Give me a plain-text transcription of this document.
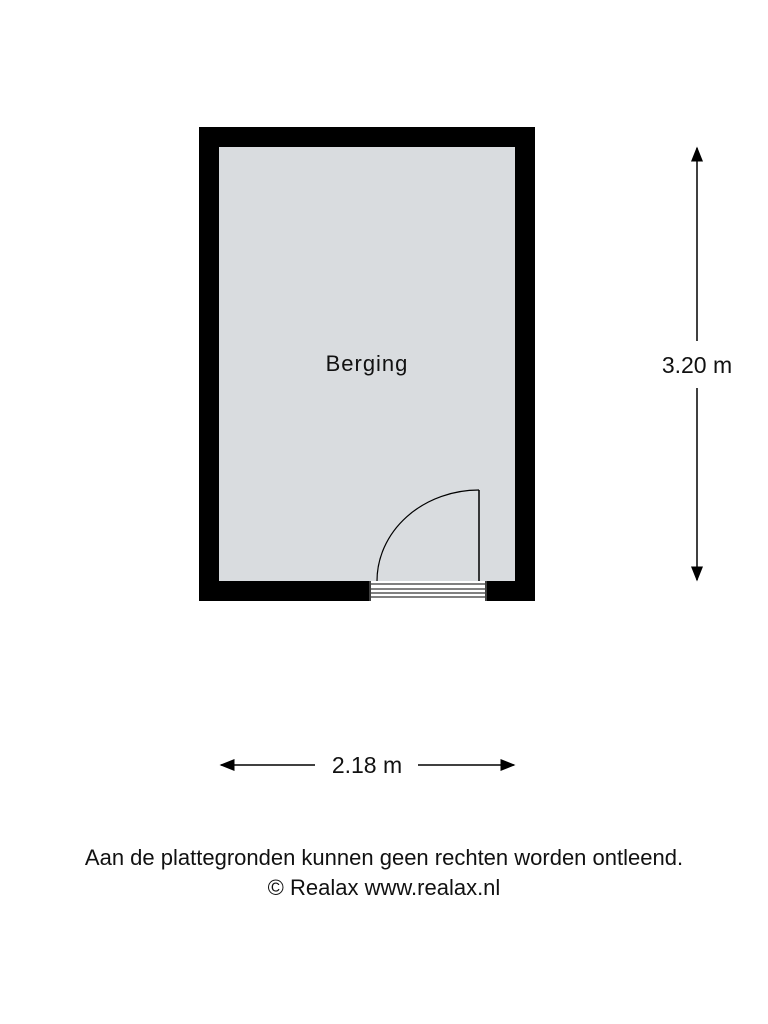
Berging	3.20 m
2.18 m
Aan de plattegronden kunnen geen rechten worden ontleend.
© Realax www.realax.nl
